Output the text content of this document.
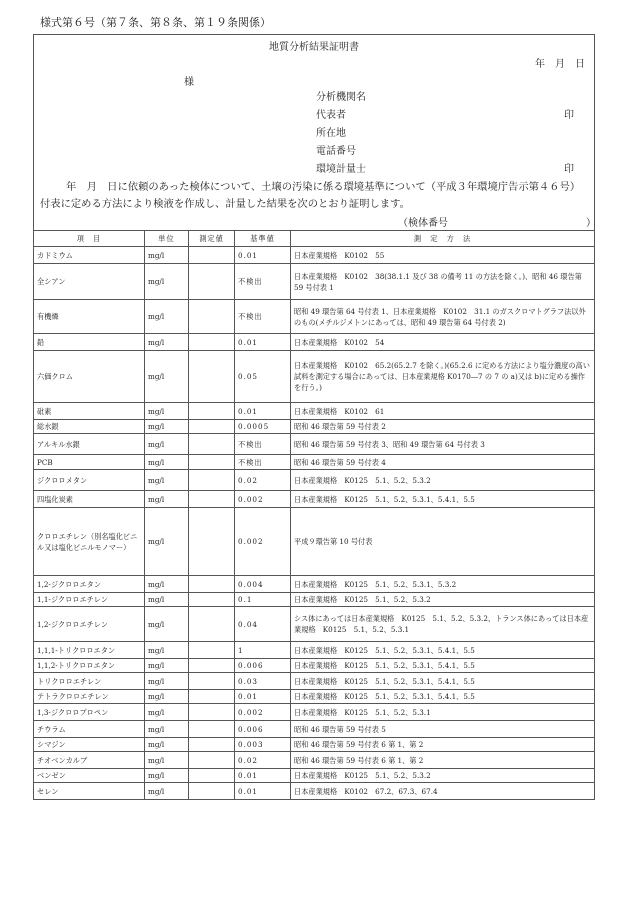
様式第６号（第７条、第８条、第１９条関係）
地質分析結果証明書
年　月　日
様
分析機関名
代表者	印
所在地
電話番号
環境計量士	印
年　月　日に依頼のあった検体について、土壌の汚染に係る環境基準について（平成３年環境庁告示第４６号）
付表に定める方法により検液を作成し、計量した結果を次のとおり証明します。
（検体番号	）
項　目	単位	測定値	基準値	測　定　方　法
カドミウム	mg/l		0.01	日本産業規格　K0102　55
全シアン	mg/l		不検出	日本産業規格　K0102　38(38.1.1 及び 38 の備考 11 の方法を除く。)、昭和 46 環告第 59 号付表 1
有機燐	mg/l		不検出	昭和 49 環告第 64 号付表 1、日本産業規格　K0102　31.1 のガスクロマトグラフ法以外のもの(メチルジメトンにあっては、昭和 49 環告第 64 号付表 2)
鉛	mg/l		0.01	日本産業規格　K0102　54
六価クロム	mg/l		0.05	日本産業規格　K0102　65.2(65.2.7 を除く。)(65.2.6 に定める方法により塩分濃度の高い試料を測定する場合にあっては、日本産業規格 K0170―7 の 7 の a)又は b)に定める操作を行う。)
砒素	mg/l		0.01	日本産業規格　K0102　61
総水銀	mg/l		0.0005	昭和 46 環告第 59 号付表 2
アルキル水銀	mg/l		不検出	昭和 46 環告第 59 号付表 3、昭和 49 環告第 64 号付表 3
PCB	mg/l		不検出	昭和 46 環告第 59 号付表 4
ジクロロメタン	mg/l		0.02	日本産業規格　K0125　5.1、5.2、5.3.2
四塩化炭素	mg/l		0.002	日本産業規格　K0125　5.1、5.2、5.3.1、5.4.1、5.5
クロロエチレン（別名塩化ビニル又は塩化ビニルモノマー）	mg/l		0.002	平成９環告第 10 号付表
1,2-ジクロロエタン	mg/l		0.004	日本産業規格　K0125　5.1、5.2、5.3.1、5.3.2
1,1-ジクロロエチレン	mg/l		0.1	日本産業規格　K0125　5.1、5.2、5.3.2
1,2-ジクロロエチレン	mg/l		0.04	シス体にあっては日本産業規格　K0125　5.1、5.2、5.3.2、トランス体にあっては日本産業規格　K0125　5.1、5.2、5.3.1
1,1,1-トリクロロエタン	mg/l		1	日本産業規格　K0125　5.1、5.2、5.3.1、5.4.1、5.5
1,1,2-トリクロロエタン	mg/l		0.006	日本産業規格　K0125　5.1、5.2、5.3.1、5.4.1、5.5
トリクロロエチレン	mg/l		0.03	日本産業規格　K0125　5.1、5.2、5.3.1、5.4.1、5.5
テトラクロロエチレン	mg/l		0.01	日本産業規格　K0125　5.1、5.2、5.3.1、5.4.1、5.5
1,3-ジクロロプロペン	mg/l		0.002	日本産業規格　K0125　5.1、5.2、5.3.1
チウラム	mg/l		0.006	昭和 46 環告第 59 号付表 5
シマジン	mg/l		0.003	昭和 46 環告第 59 号付表 6 第 1、第 2
チオベンカルブ	mg/l		0.02	昭和 46 環告第 59 号付表 6 第 1、第 2
ベンゼン	mg/l		0.01	日本産業規格　K0125　5.1、5.2、5.3.2
セレン	mg/l		0.01	日本産業規格　K0102　67.2、67.3、67.4
